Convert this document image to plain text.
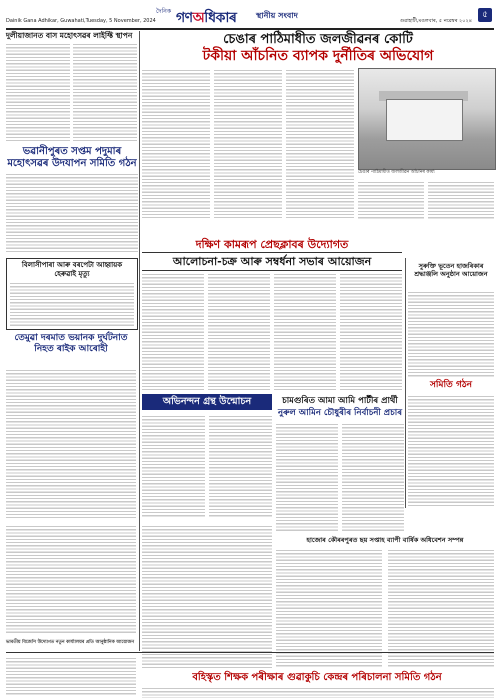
Dainik Gana Adhikar, Guwahati,Tuesday, 5 November, 2024
দৈনিক গণঅধিকাৰ স্থানীয় সংবাদ
গুৱাহাটী,মঙলবাৰ, ৫ নৱেম্বৰ ২০২৪
৫
দুলীয়াজানত বাস মহোৎসৱৰ লাইফ্টি স্থাপন
ভৱানীপুৰত সপ্তম পদুমাৰ মহোৎসৱৰ উদযাপন সমিতি গঠন
বিলাসীপাৰা আৰু বৰপেটা আহ্বায়ক হেৰুৱাই মৃত্যু
তেমুৱা দৰমাত ভয়ানক দুৰ্ঘটনাত নিহত ৰাইক আৰোহী
চেঙাৰ পাঠিমাধীত জলজীৱনৰ কোটি
টকীয়া আঁচনিত ব্যাপক দুৰ্নীতিৰ অভিযোগ
চেঙাৰ পাঠিমাধীত জলজীৱন আঁচনিৰ কাৰ্য্য
দক্ষিণ কামৰূপ প্ৰেছক্লাবৰ উদ্যোগত
আলোচনা-চক্ৰ আৰু সম্বৰ্ধনা সভাৰ আয়োজন	সুৰুক্তি ভূতেন হাজৰিকাৰ শ্ৰদ্ধাঞ্জলি অনুষ্ঠান আয়োজন
সমিতি গঠন
অভিনন্দন গ্ৰন্থ উন্মোচন	চামগুৰিত আমা আমি পাৰ্টীৰ প্ৰাৰ্থী
নুৰুল আমিন চৌধুৰীৰ নিৰ্বাচনী প্ৰচাৰ
হাজোৰ কৌৰৰপুৰত ছয় সপ্তাহ ব্যাপী বাৰ্ষিক অধিবেশন সম্পন্ন
ভাৰতীয় বিজেপি উদ্যোগত নতুন কাৰ্য্যালয়ৰ প্ৰতি আনুষ্ঠানিক আয়োজন
বহিস্কৃত শিক্ষক পৰীক্ষাৰ গুৱাকুচি কেন্দ্ৰৰ পৰিচালনা সমিতি গঠন
